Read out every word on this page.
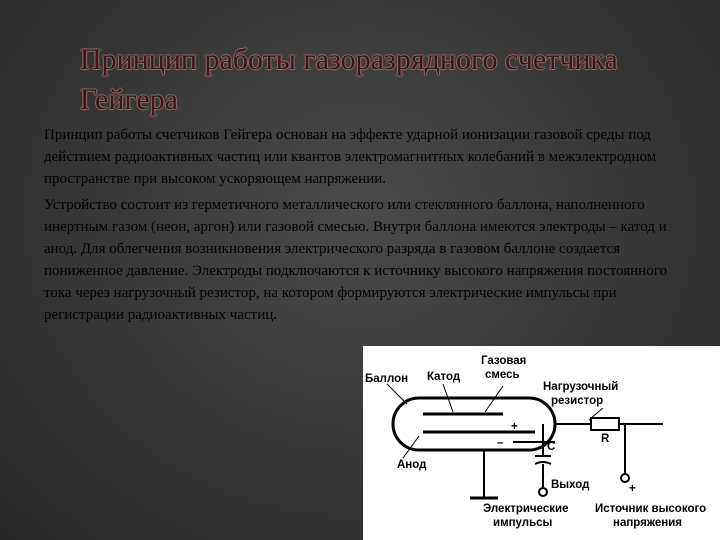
Принцип работы газоразрядного счетчика Гейгера

Принцип работы счетчиков Гейгера основан на эффекте ударной ионизации газовой среды под действием радиоактивных частиц или квантов электромагнитных колебаний в межэлектродном пространстве при высоком ускоряющем напряжении.

Устройство состоит из герметичного металлического или стеклянного баллона, наполненного инертным газом (неон, аргон) или газовой смесью. Внутри баллона имеются электроды – катод и анод. Для облегчения возникновения электрического разряда в газовом баллоне создается пониженное давление. Электроды подключаются к источнику высокого напряжения постоянного тока через нагрузочный резистор, на котором формируются электрические импульсы при регистрации радиоактивных частиц.

Газовая
смесь
Баллон Катод
Нагрузочный
резистор
R
C
+
–
Анод
Выход	+
Электрические
импульсы
Источник высокого
напряжения
